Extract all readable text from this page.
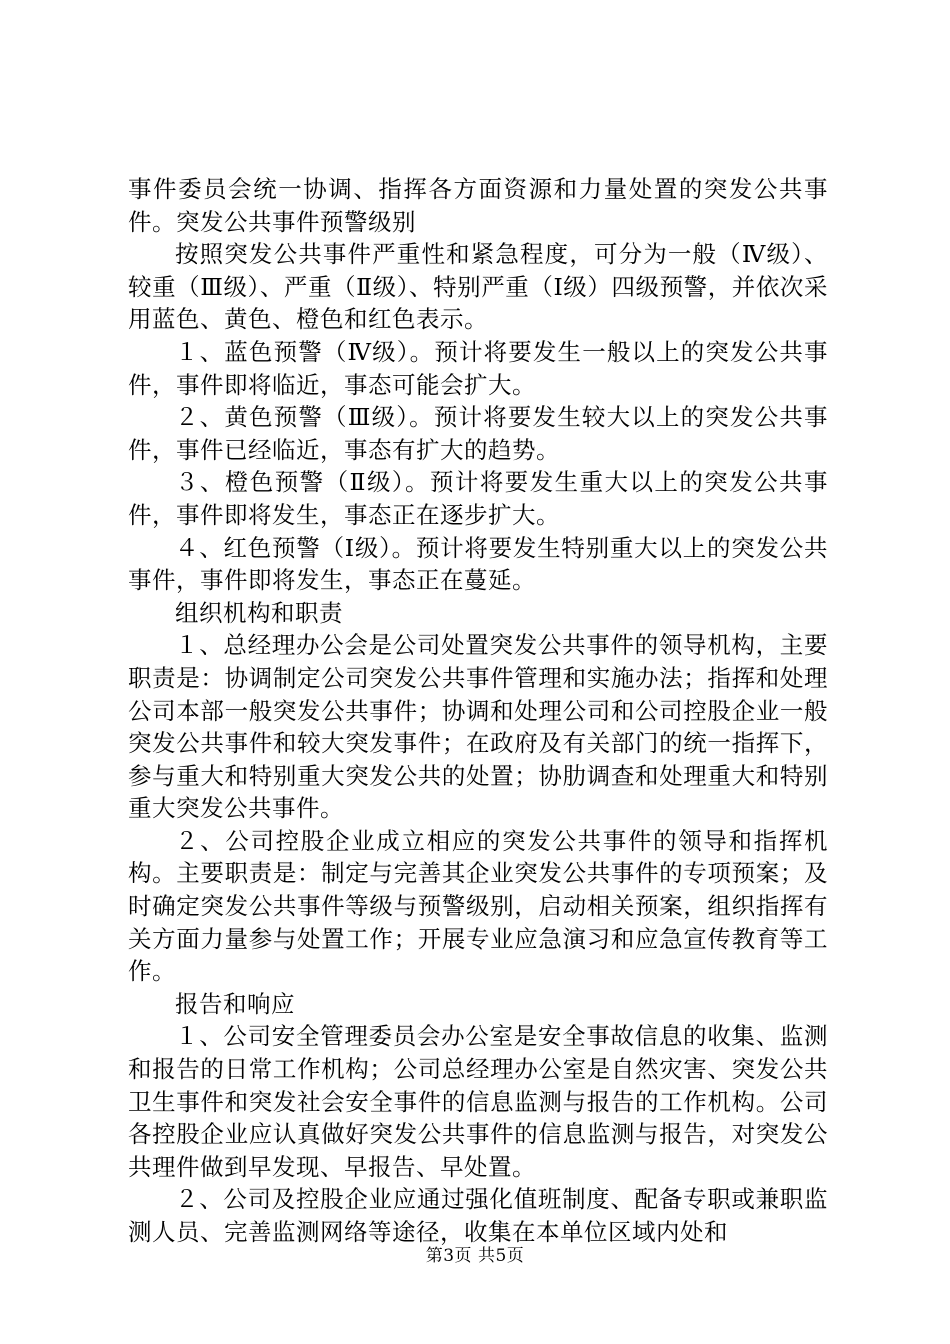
事件委员会统一协调、指挥各方面资源和力量处置的突发公共事件。突发公共事件预警级别

按照突发公共事件严重性和紧急程度，可分为一般（Ⅳ级）、较重（Ⅲ级）、严重（Ⅱ级）、特别严重（Ⅰ级）四级预警，并依次采用蓝色、黄色、橙色和红色表示。

１、蓝色预警（Ⅳ级）。预计将要发生一般以上的突发公共事件，事件即将临近，事态可能会扩大。

２、黄色预警（Ⅲ级）。预计将要发生较大以上的突发公共事件，事件已经临近，事态有扩大的趋势。

３、橙色预警（Ⅱ级）。预计将要发生重大以上的突发公共事件，事件即将发生，事态正在逐步扩大。

４、红色预警（Ⅰ级）。预计将要发生特别重大以上的突发公共事件，事件即将发生，事态正在蔓延。

组织机构和职责

１、总经理办公会是公司处置突发公共事件的领导机构，主要职责是：协调制定公司突发公共事件管理和实施办法；指挥和处理公司本部一般突发公共事件；协调和处理公司和公司控股企业一般突发公共事件和较大突发事件；在政府及有关部门的统一指挥下，参与重大和特别重大突发公共的处置；协肋调查和处理重大和特别重大突发公共事件。

２、公司控股企业成立相应的突发公共事件的领导和指挥机构。主要职责是：制定与完善其企业突发公共事件的专项预案；及时确定突发公共事件等级与预警级别，启动相关预案，组织指挥有关方面力量参与处置工作；开展专业应急演习和应急宣传教育等工作。

报告和响应

１、公司安全管理委员会办公室是安全事故信息的收集、监测和报告的日常工作机构；公司总经理办公室是自然灾害、突发公共卫生事件和突发社会安全事件的信息监测与报告的工作机构。公司各控股企业应认真做好突发公共事件的信息监测与报告，对突发公共理件做到早发现、早报告、早处置。

２、公司及控股企业应通过强化值班制度、配备专职或兼职监测人员、完善监测网络等途径，收集在本单位区域内处和

第3页 共5页
